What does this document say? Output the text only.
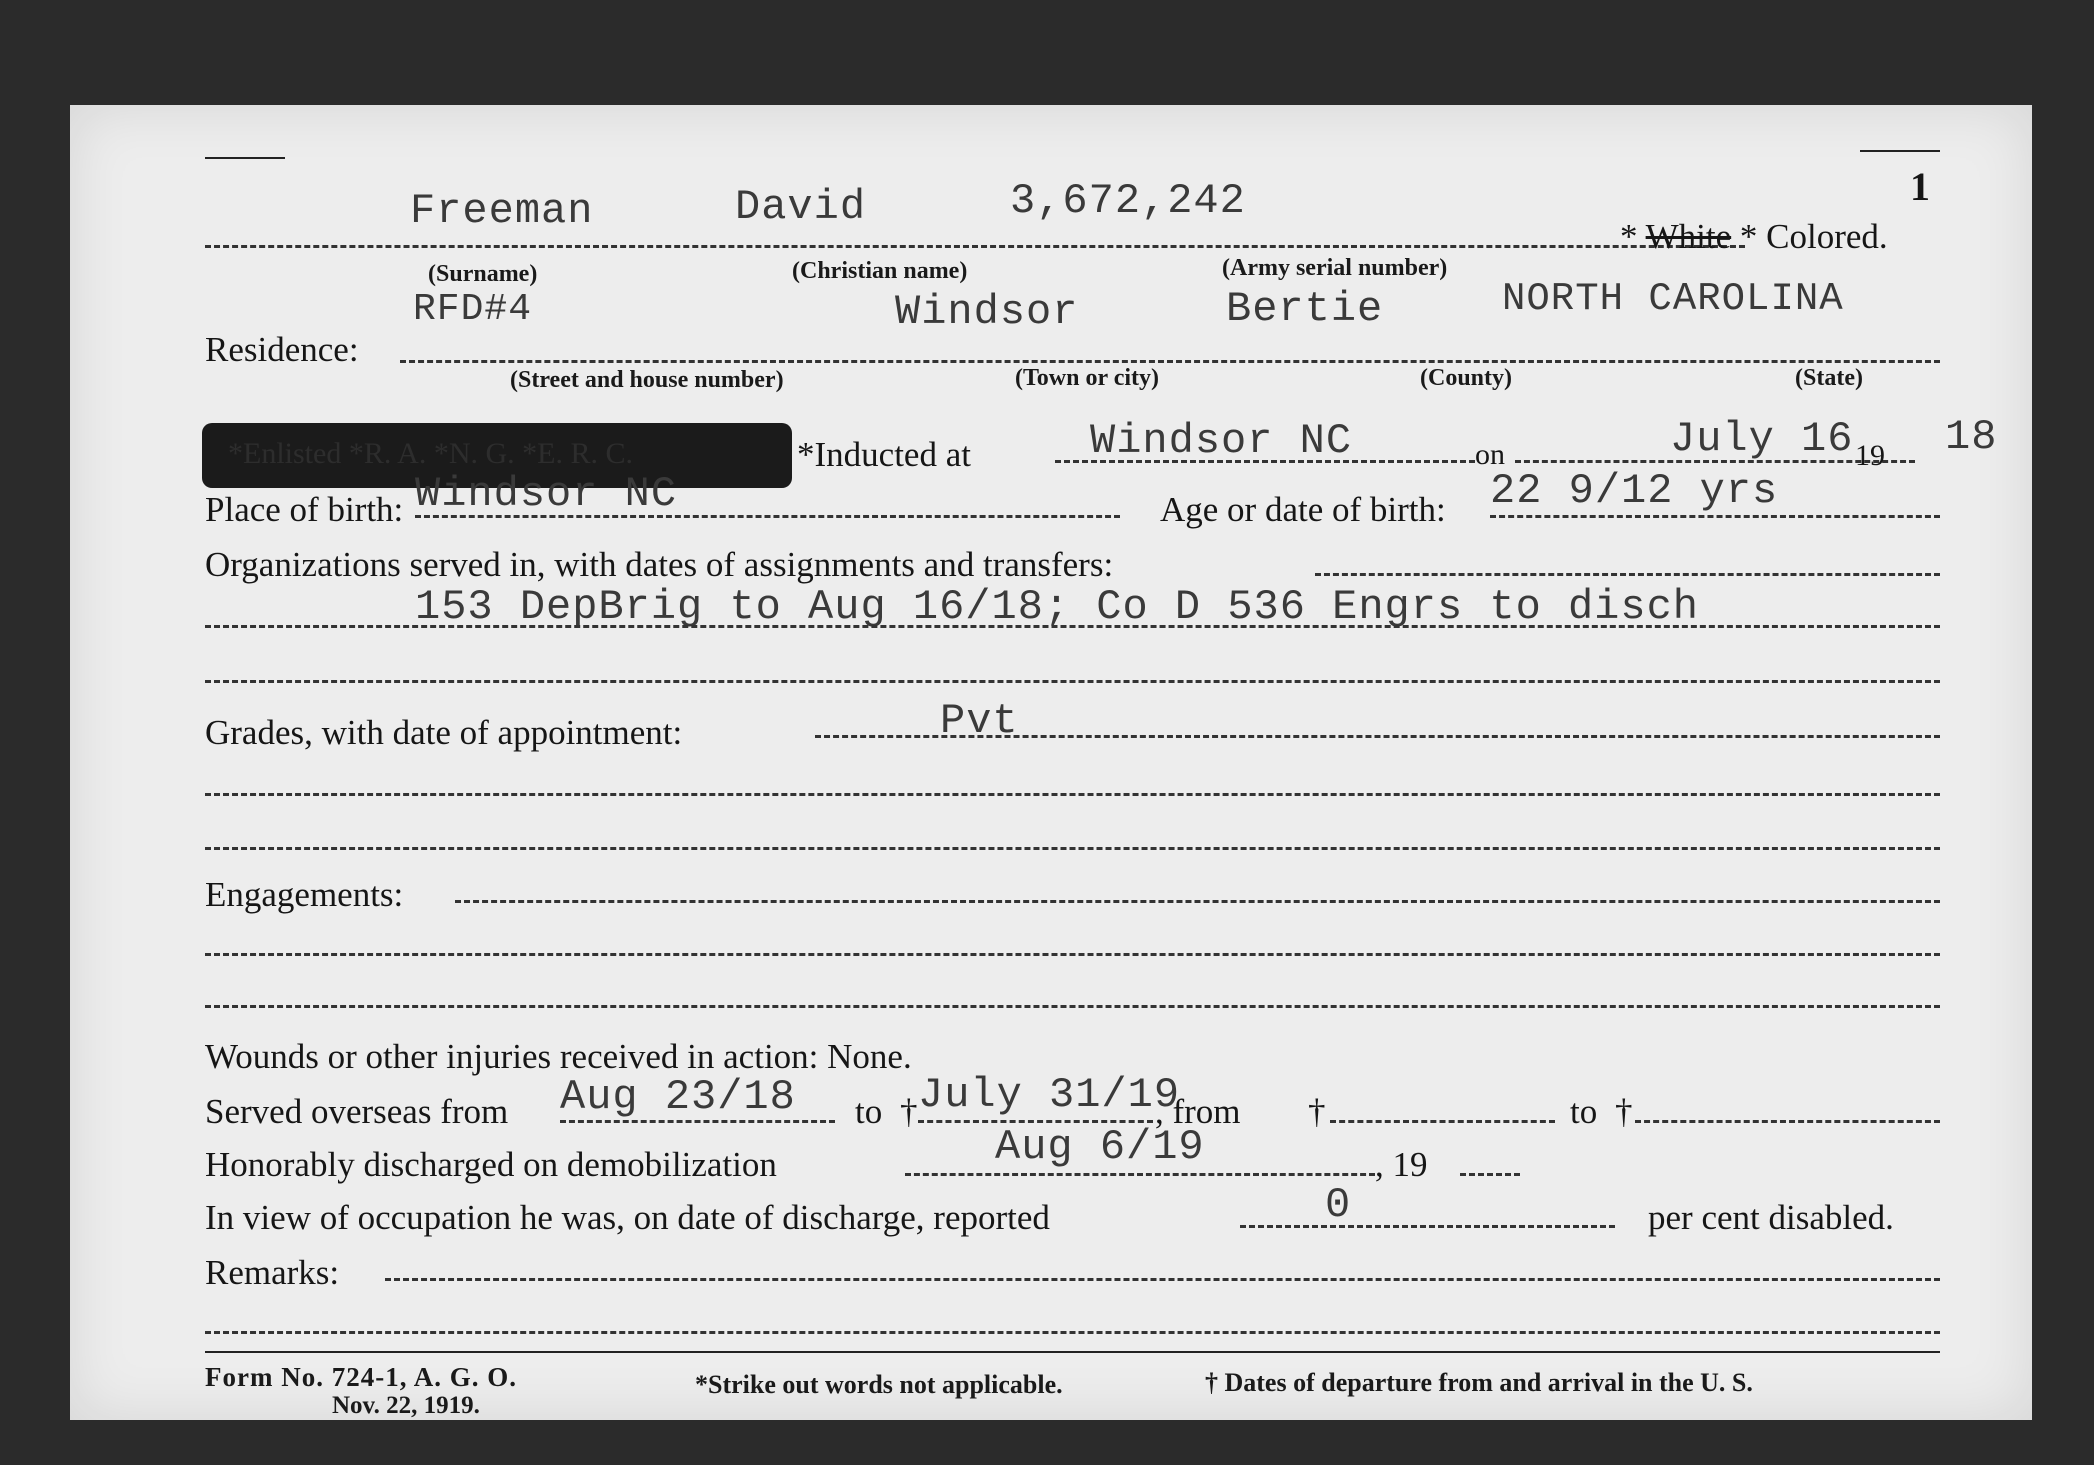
1
Freeman	David	3,672,242
* White * Colored.
(Surname)	(Christian name)	(Army serial number)
RFD#4	Windsor	Bertie	NORTH CAROLINA
Residence:
(Street and house number)	(Town or city)	(County)	(State)
*Enlisted *R. A. *N. G. *E. R. C.	*Inducted at	Windsor NC	on	July 16 19 18
Place of birth: Windsor NC	Age or date of birth: 22 9/12 yrs
Organizations served in, with dates of assignments and transfers:
153 DepBrig to Aug 16/18; Co D 536 Engrs to disch
Grades, with date of appointment:	Pvt
Engagements:
Wounds or other injuries received in action: None.
Served overseas from Aug 23/18 to † July 31/19
, from †	to †
Honorably discharged on demobilization	Aug 6/19	, 19
In view of occupation he was, on date of discharge, reported	0	per cent disabled.
Remarks:
Form No. 724-1, A. G. O.
Nov. 22, 1919.
*Strike out words not applicable.	† Dates of departure from and arrival in the U. S.
